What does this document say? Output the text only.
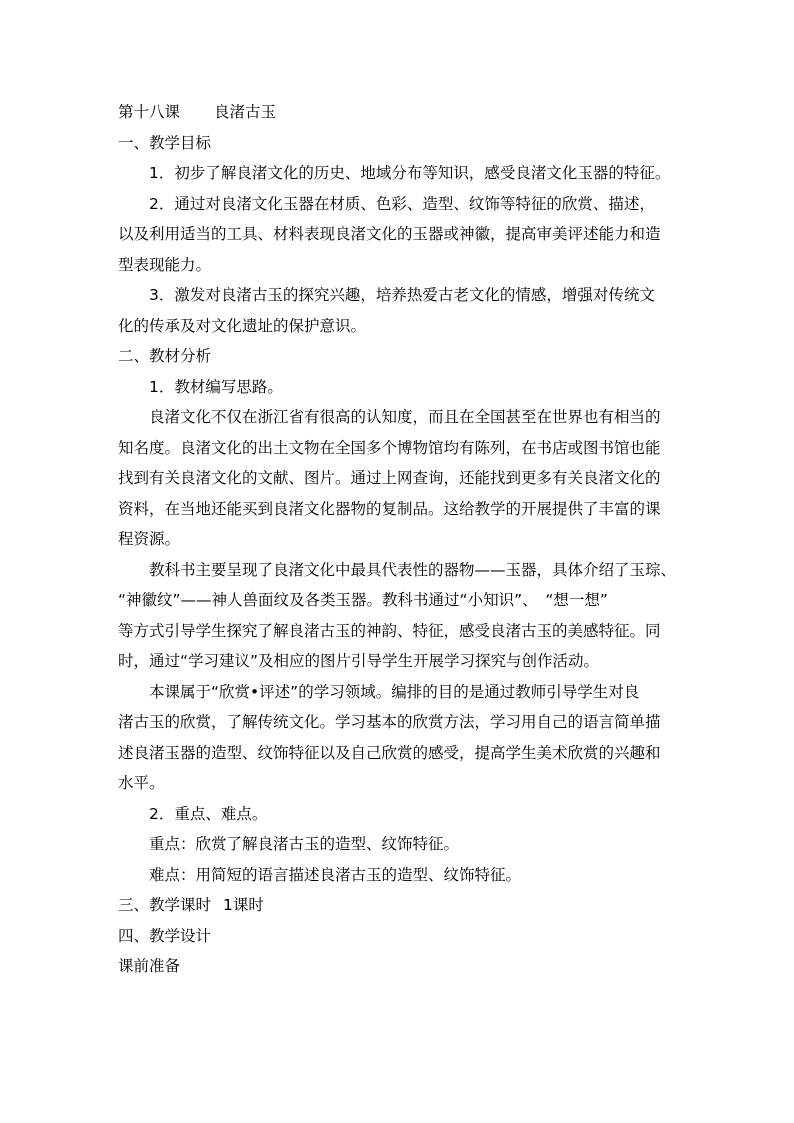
第十八课 良渚古玉

一、教学目标

1．初步了解良渚文化的历史、地域分布等知识，感受良渚文化玉器的特征。

2．通过对良渚文化玉器在材质、色彩、造型、纹饰等特征的欣赏、描述，

以及利用适当的工具、材料表现良渚文化的玉器或神徽，提高审美评述能力和造

型表现能力。

3．激发对良渚古玉的探究兴趣，培养热爱古老文化的情感，增强对传统文

化的传承及对文化遗址的保护意识。

二、教材分析

1．教材编写思路。

良渚文化不仅在浙江省有很高的认知度，而且在全国甚至在世界也有相当的

知名度。良渚文化的出土文物在全国多个博物馆均有陈列，在书店或图书馆也能

找到有关良渚文化的文献、图片。通过上网查询，还能找到更多有关良渚文化的

资料，在当地还能买到良渚文化器物的复制品。这给教学的开展提供了丰富的课

程资源。

教科书主要呈现了良渚文化中最具代表性的器物——玉器，具体介绍了玉琮、

“神徽纹”——神人兽面纹及各类玉器。教科书通过“小知识”、　“想一想”

等方式引导学生探究了解良渚古玉的神韵、特征，感受良渚古玉的美感特征。同

时，通过“学习建议”及相应的图片引导学生开展学习探究与创作活动。

本课属于“欣赏•评述”的学习领域。编排的目的是通过教师引导学生对良

渚古玉的欣赏，了解传统文化。学习基本的欣赏方法，学习用自己的语言简单描

述良渚玉器的造型、纹饰特征以及自己欣赏的感受，提高学生美术欣赏的兴趣和

水平。

2．重点、难点。

重点：欣赏了解良渚古玉的造型、纹饰特征。

难点：用简短的语言描述良渚古玉的造型、纹饰特征。

三、教学课时 1课时

四、教学设计

课前准备
